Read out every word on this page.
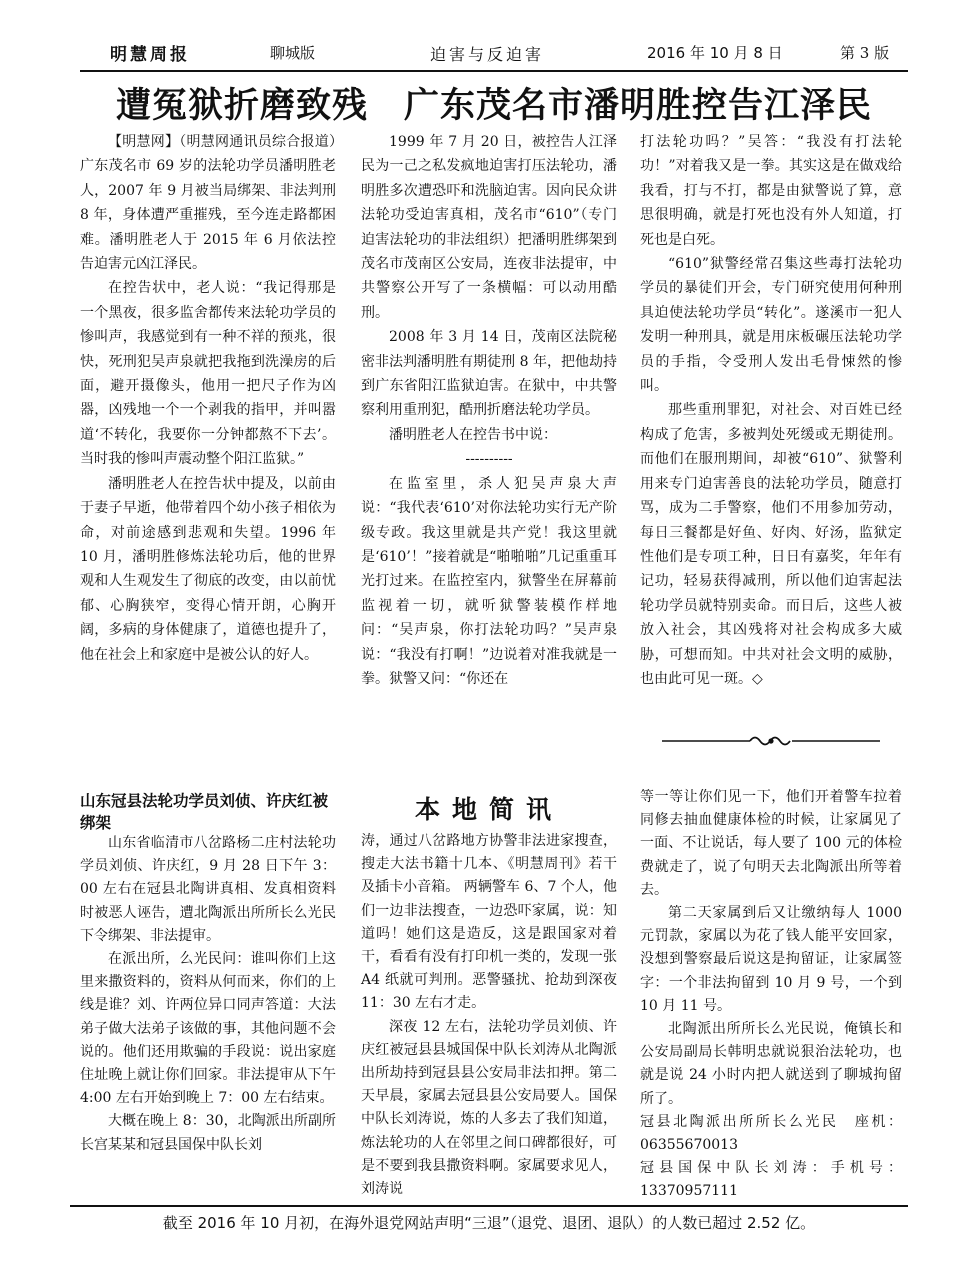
明慧周报	聊城版	迫害与反迫害	2016 年 10 月 8 日	第 3 版
遭冤狱折磨致残　广东茂名市潘明胜控告江泽民

【明慧网】（明慧网通讯员综合报道）广东茂名市 69 岁的法轮功学员潘明胜老人，2007 年 9 月被当局绑架、非法判刑 8 年，身体遭严重摧残，至今连走路都困难。潘明胜老人于 2015 年 6 月依法控告迫害元凶江泽民。

在控告状中，老人说：“我记得那是一个黑夜，很多监舍都传来法轮功学员的惨叫声，我感觉到有一种不祥的预兆，很快，死刑犯吴声泉就把我拖到洗澡房的后面，避开摄像头，他用一把尺子作为凶器，凶残地一个一个剥我的指甲，并叫嚣道‘不转化，我要你一分钟都熬不下去’。当时我的惨叫声震动整个阳江监狱。”

潘明胜老人在控告状中提及，以前由于妻子早逝，他带着四个幼小孩子相依为命，对前途感到悲观和失望。1996 年 10 月，潘明胜修炼法轮功后，他的世界观和人生观发生了彻底的改变，由以前忧郁、心胸狭窄，变得心情开朗，心胸开阔，多病的身体健康了，道德也提升了，他在社会上和家庭中是被公认的好人。

1999 年 7 月 20 日，被控告人江泽民为一己之私发疯地迫害打压法轮功，潘明胜多次遭恐吓和洗脑迫害。因向民众讲法轮功受迫害真相，茂名市“610”（专门迫害法轮功的非法组织）把潘明胜绑架到茂名市茂南区公安局，连夜非法提审，中共警察公开写了一条横幅：可以动用酷刑。

2008 年 3 月 14 日，茂南区法院秘密非法判潘明胜有期徒刑 8 年，把他劫持到广东省阳江监狱迫害。在狱中，中共警察利用重刑犯，酷刑折磨法轮功学员。

潘明胜老人在控告书中说：

----------

在监室里，杀人犯吴声泉大声说：“我代表‘610’对你法轮功实行无产阶级专政。我这里就是共产党！我这里就是‘610’！”接着就是“啪啪啪”几记重重耳光打过来。在监控室内，狱警坐在屏幕前监视着一切，就听狱警装模作样地问：“吴声泉，你打法轮功吗？”吴声泉说：“我没有打啊！”边说着对准我就是一拳。狱警又问：“你还在

打法轮功吗？”吴答：“我没有打法轮功！”对着我又是一拳。其实这是在做戏给我看，打与不打，都是由狱警说了算，意思很明确，就是打死也没有外人知道，打死也是白死。

“610”狱警经常召集这些毒打法轮功学员的暴徒们开会，专门研究使用何种刑具迫使法轮功学员“转化”。遂溪市一犯人发明一种刑具，就是用床板碾压法轮功学员的手指，令受刑人发出毛骨悚然的惨叫。

那些重刑罪犯，对社会、对百姓已经构成了危害，多被判处死缓或无期徒刑。而他们在服刑期间，却被“610”、狱警利用来专门迫害善良的法轮功学员，随意打骂，成为二手警察，他们不用参加劳动，每日三餐都是好鱼、好肉、好汤，监狱定性他们是专项工种，日日有嘉奖，年年有记功，轻易获得减刑，所以他们迫害起法轮功学员就特别卖命。而日后，这些人被放入社会，其凶残将对社会构成多大威胁，可想而知。中共对社会文明的威胁，也由此可见一斑。◇

山东冠县法轮功学员刘侦、许庆红被绑架

山东省临清市八岔路杨二庄村法轮功学员刘侦、许庆红，9 月 28 日下午 3：00 左右在冠县北陶讲真相、发真相资料时被恶人诬告，遭北陶派出所所长么光民下令绑架、非法提审。

在派出所，么光民问：谁叫你们上这里来撒资料的，资料从何而来，你们的上线是谁？刘、许两位异口同声答道：大法弟子做大法弟子该做的事，其他问题不会说的。他们还用欺骗的手段说：说出家庭住址晚上就让你们回家。非法提审从下午 4:00 左右开始到晚上 7：00 左右结束。

大概在晚上 8：30，北陶派出所副所长宫某某和冠县国保中队长刘

本地简讯

涛，通过八岔路地方协警非法进家搜查，搜走大法书籍十几本、《明慧周刊》若干及插卡小音箱。 两辆警车 6、7 个人，他们一边非法搜查，一边恐吓家属，说：知道吗！她们这是造反，这是跟国家对着干，看看有没有打印机一类的，发现一张 A4 纸就可判刑。恶警骚扰、抢劫到深夜 11：30 左右才走。

深夜 12 左右，法轮功学员刘侦、许庆红被冠县县城国保中队长刘涛从北陶派出所劫持到冠县县公安局非法扣押。第二天早晨，家属去冠县县公安局要人。国保中队长刘涛说，炼的人多去了我们知道，炼法轮功的人在邻里之间口碑都很好，可是不要到我县撒资料啊。家属要求见人，刘涛说

等一等让你们见一下，他们开着警车拉着同修去抽血健康体检的时候，让家属见了一面、不让说话，每人要了 100 元的体检费就走了，说了句明天去北陶派出所等着去。

第二天家属到后又让缴纳每人 1000 元罚款，家属以为花了钱人能平安回家，没想到警察最后说这是拘留证，让家属签字：一个非法拘留到 10 月 9 号，一个到 10 月 11 号。

北陶派出所所长么光民说，俺镇长和公安局副局长韩明忠就说狠治法轮功，也就是说 24 小时内把人就送到了聊城拘留所了。

冠县北陶派出所所长么光民　座机：06355670013

冠县国保中队长刘涛：手机号：13370957111

截至 2016 年 10 月初，在海外退党网站声明“三退”（退党、退团、退队）的人数已超过 2.52 亿。
